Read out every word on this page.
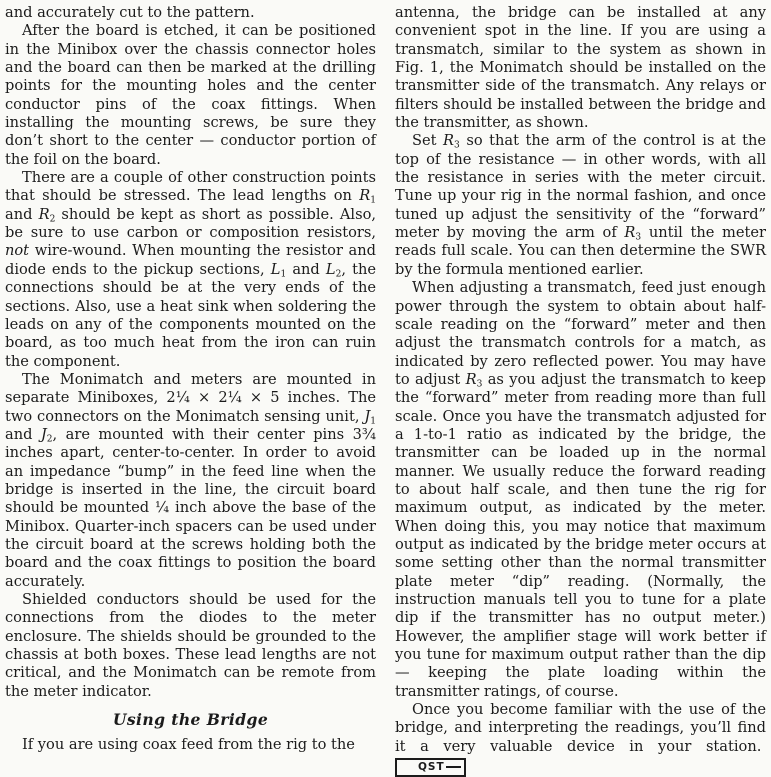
and accurately cut to the pattern.

After the board is etched, it can be positioned in the Minibox over the chassis connector holes and the board can then be marked at the drilling points for the mounting holes and the center conductor pins of the coax fittings. When installing the mounting screws, be sure they don’t short to the center — conductor portion of the foil on the board.

There are a couple of other construction points that should be stressed. The lead lengths on $R_1$ and $R_2$ should be kept as short as possible. Also, be sure to use carbon or composition resistors, not wire-wound. When mounting the resistor and diode ends to the pickup sections, $L_1$ and $L_2$, the connections should be at the very ends of the sections. Also, use a heat sink when soldering the leads on any of the components mounted on the board, as too much heat from the iron can ruin the component.

The Monimatch and meters are mounted in separate Miniboxes, 2¼ × 2¼ × 5 inches. The two connectors on the Monimatch sensing unit, $J_1$ and $J_2$, are mounted with their center pins 3¾ inches apart, center-to-center. In order to avoid an impedance “bump” in the feed line when the bridge is inserted in the line, the circuit board should be mounted ¼ inch above the base of the Minibox. Quarter-inch spacers can be used under the circuit board at the screws holding both the board and the coax fittings to position the board accurately.

Shielded conductors should be used for the connections from the diodes to the meter enclosure. The shields should be grounded to the chassis at both boxes. These lead lengths are not critical, and the Monimatch can be remote from the meter indicator.

Using the Bridge

If you are using coax feed from the rig to the

antenna, the bridge can be installed at any convenient spot in the line. If you are using a transmatch, similar to the system as shown in Fig. 1, the Monimatch should be installed on the transmitter side of the transmatch. Any relays or filters should be installed between the bridge and the transmitter, as shown.

Set $R_3$ so that the arm of the control is at the top of the resistance — in other words, with all the resistance in series with the meter circuit. Tune up your rig in the normal fashion, and once tuned up adjust the sensitivity of the “forward” meter by moving the arm of $R_3$ until the meter reads full scale. You can then determine the SWR by the formula mentioned earlier.

When adjusting a transmatch, feed just enough power through the system to obtain about half-scale reading on the “forward” meter and then adjust the transmatch controls for a match, as indicated by zero reflected power. You may have to adjust $R_3$ as you adjust the transmatch to keep the “forward” meter from reading more than full scale. Once you have the transmatch adjusted for a 1-to-1 ratio as indicated by the bridge, the transmitter can be loaded up in the normal manner. We usually reduce the forward reading to about half scale, and then tune the rig for maximum output, as indicated by the meter. When doing this, you may notice that maximum output as indicated by the bridge meter occurs at some setting other than the normal transmitter plate meter “dip” reading. (Normally, the instruction manuals tell you to tune for a plate dip if the transmitter has no output meter.) However, the amplifier stage will work better if you tune for maximum output rather than the dip — keeping the plate loading within the transmitter ratings, of course.

Once you become familiar with the use of the bridge, and interpreting the readings, you’ll find it a very valuable device in your station. QST
